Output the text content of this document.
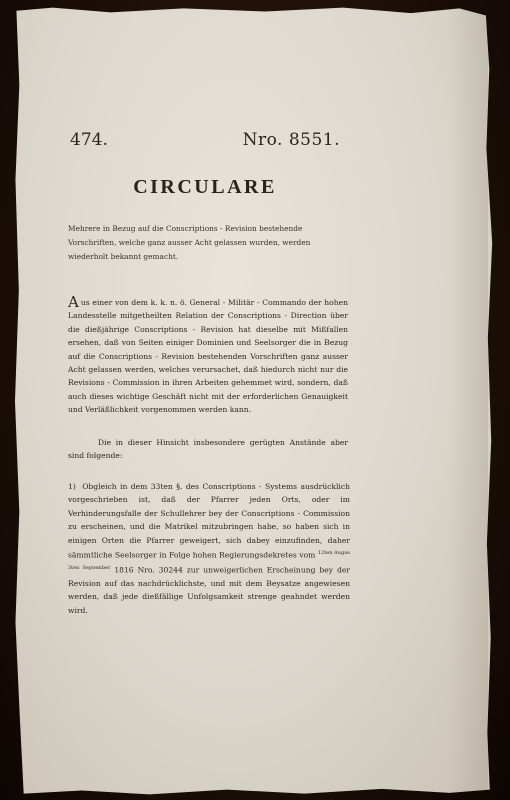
474.	Nro. 8551.
CIRCULARE
Mehrere in Bezug auf die Conscriptions - Revision bestehende Vorschriften, welche ganz ausser Acht gelassen wurden, werden wiederholt bekannt gemacht.
Aus einer von dem k. k. n. ö. General - Militär - Commando der hohen Landesstelle mitgetheilten Relation der Conscriptions - Direction über die dießjährige Conscriptions - Revision hat dieselbe mit Mißfallen ersehen, daß von Seiten einiger Dominien und Seelsorger die in Bezug auf die Conscriptions - Revision bestehenden Vorschriften ganz ausser Acht gelassen werden, welches verursachet, daß hiedurch nicht nur die Revisions - Commission in ihren Arbeiten gehemmet wird, sondern, daß auch dieses wichtige Geschäft nicht mit der erforderlichen Genauigkeit und Verläßlichkeit vorgenommen werden kann.
Die in dieser Hinsicht insbesondere gerügten Anstände aber sind folgende:
1) Obgleich in dem 33ten §. des Conscriptions - Systems ausdrücklich vorgeschrieben ist, daß der Pfarrer jeden Orts, oder im Verhinderungsfalle der Schullehrer bey der Conscriptions - Commission zu erscheinen, und die Matrikel mitzubringen habe, so haben sich in einigen Orten die Pfarrer geweigert, sich dabey einzufinden, daher sämmtliche Seelsorger in Folge hohen Regierungsdekretes vom $^{12ten Augus}$ $^{3ten September}$ 1816 Nro. 30244 zur unweigerlichen Erscheinung bey der Revision auf das nachdrücklichste, und mit dem Beysatze angewiesen werden, daß jede dießfällige Unfolgsamkeit strenge geahndet werden wird.
